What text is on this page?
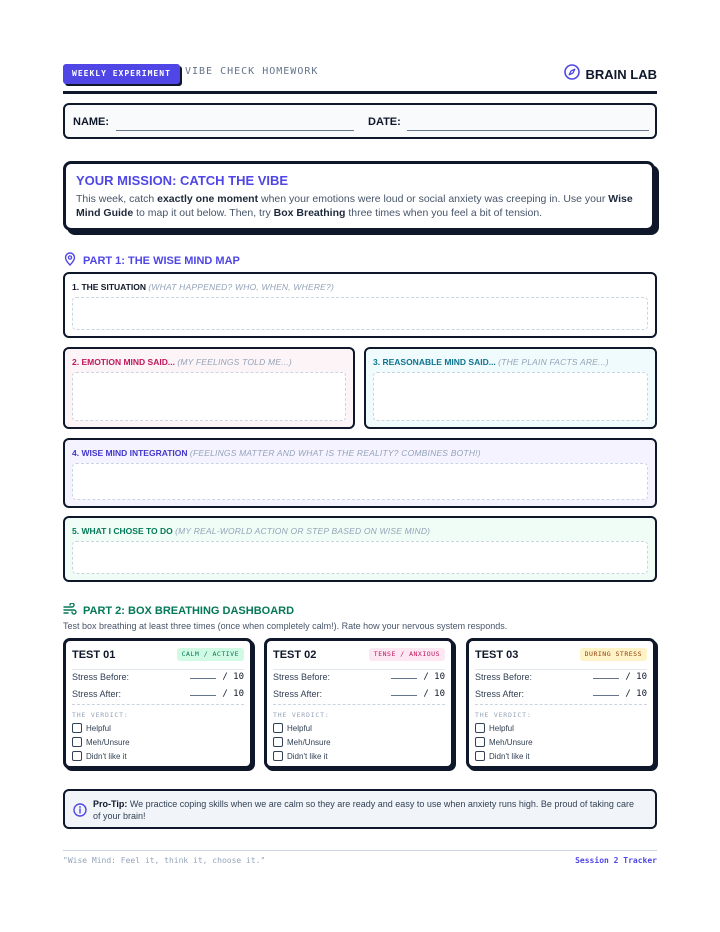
WEEKLY EXPERIMENT	VIBE CHECK HOMEWORK	BRAIN LAB
NAME:	DATE:
YOUR MISSION: CATCH THE VIBE
This week, catch exactly one moment when your emotions were loud or social anxiety was creeping in. Use your Wise Mind Guide to map it out below. Then, try Box Breathing three times when you feel a bit of tension.
PART 1: THE WISE MIND MAP
1. THE SITUATION (WHAT HAPPENED? WHO, WHEN, WHERE?)
2. EMOTION MIND SAID... (MY FEELINGS TOLD ME...)	3. REASONABLE MIND SAID... (THE PLAIN FACTS ARE...)
4. WISE MIND INTEGRATION (FEELINGS MATTER AND WHAT IS THE REALITY? COMBINES BOTH!)
5. WHAT I CHOSE TO DO (MY REAL-WORLD ACTION OR STEP BASED ON WISE MIND)
PART 2: BOX BREATHING DASHBOARD
Test box breathing at least three times (once when completely calm!). Rate how your nervous system responds.
TEST 01	CALM / ACTIVE
Stress Before:	/ 10
Stress After:	/ 10
THE VERDICT:
Helpful
Meh/Unsure
Didn't like it
TEST 02	TENSE / ANXIOUS
Stress Before:	/ 10
Stress After:	/ 10
THE VERDICT:
Helpful
Meh/Unsure
Didn't like it
TEST 03	DURING STRESS
Stress Before:	/ 10
Stress After:	/ 10
THE VERDICT:
Helpful
Meh/Unsure
Didn't like it
Pro-Tip: We practice coping skills when we are calm so they are ready and easy to use when anxiety runs high. Be proud of taking care of your brain!
"Wise Mind: Feel it, think it, choose it."	Session 2 Tracker
